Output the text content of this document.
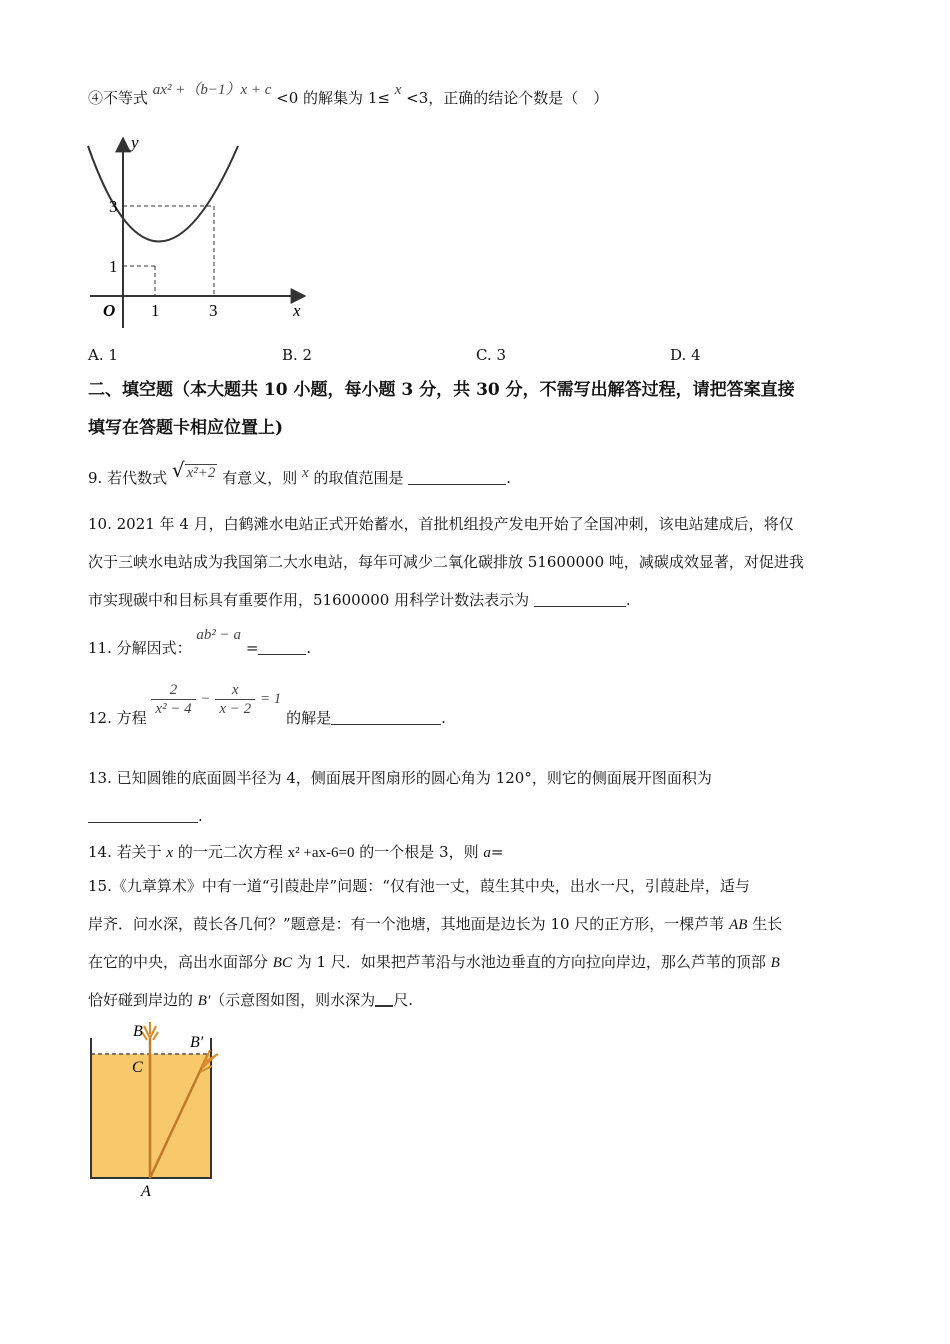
④不等式 ax² +（b−1）x + c <0 的解集为 1≤ x <3，正确的结论个数是（　）
y
x
O 1	3
1
3
A. 1	B. 2	C. 3	D. 4
二、填空题（本大题共 10 小题，每小题 3 分，共 30 分，不需写出解答过程，请把答案直接
填写在答题卡相应位置上)
9. 若代数式 √ x²+2 有意义，则 x 的取值范围是	.
10. 2021 年 4 月，白鹤滩水电站正式开始蓄水，首批机组投产发电开始了全国冲刺，该电站建成后，将仅
次于三峡水电站成为我国第二大水电站，每年可减少二氧化碳排放 51600000 吨，减碳成效显著，对促进我
市实现碳中和目标具有重要作用，51600000 用科学计数法表示为	.
11. 分解因式： ab² − a =	.
12. 方程
$\frac{2}{\text{x² − 4}} - \frac{x}{x - 2} = 1$ 的解是	.
13. 已知圆锥的底面圆半径为 4，侧面展开图扇形的圆心角为 120°，则它的侧面展开图面积为
.
14. 若关于 x 的一元二次方程 x² +ax-6=0 的一个根是 3，则 a=
15.《九章算术》中有一道“引葭赴岸”问题：“仅有池一丈，葭生其中央，出水一尺，引葭赴岸，适与
岸齐．问水深，葭长各几何？”题意是：有一个池塘，其地面是边长为 10 尺的正方形，一棵芦苇 AB 生长
在它的中央，高出水面部分 BC 为 1 尺．如果把芦苇沿与水池边垂直的方向拉向岸边，那么芦苇的顶部 B
恰好碰到岸边的 B'（示意图如图，则水深为 尺.
B
B′
C
A
